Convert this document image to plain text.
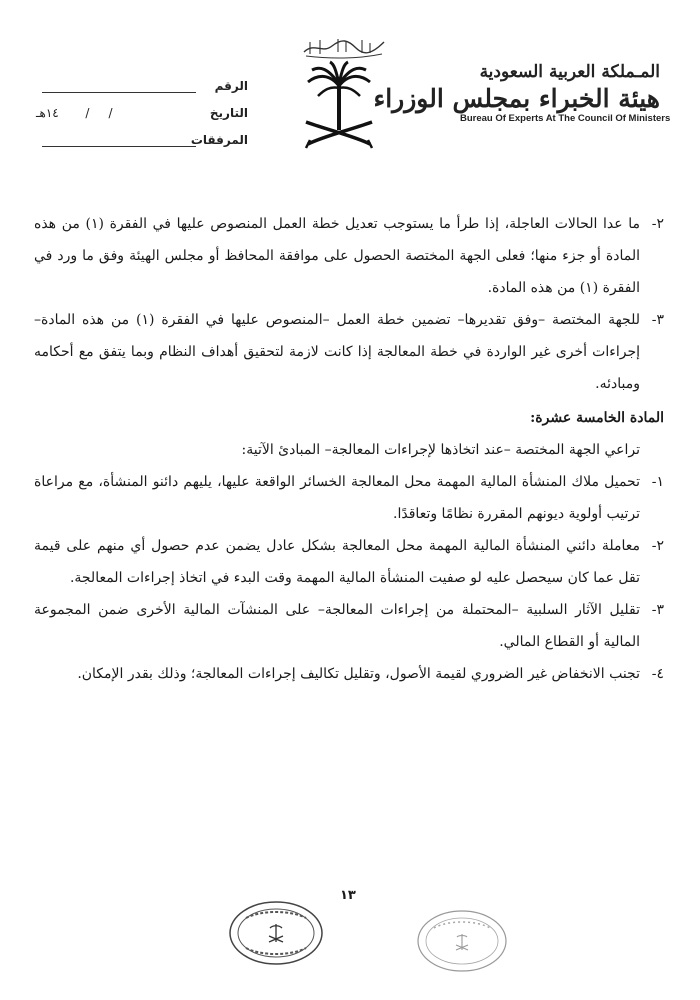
المـملكة العربية السعودية
هيئة الخبراء بمجلس الوزراء
Bureau Of Experts At The Council Of Ministers
الرقم
التاريخ
١٤هـ       /     /
المرفقات
٢-
ما عدا الحالات العاجلة، إذا طرأ ما يستوجب تعديل خطة العمل المنصوص عليها في الفقرة (١) من هذه المادة أو جزء منها؛ فعلى الجهة المختصة الحصول على موافقة المحافظ أو مجلس الهيئة وفق ما ورد في الفقرة (١) من هذه المادة.
٣-
للجهة المختصة –وفق تقديرها– تضمين خطة العمل –المنصوص عليها في الفقرة (١) من هذه المادة– إجراءات أخرى غير الواردة في خطة المعالجة إذا كانت لازمة لتحقيق أهداف النظام وبما يتفق مع أحكامه ومبادئه.
المادة الخامسة عشرة:
تراعي الجهة المختصة –عند اتخاذها لإجراءات المعالجة– المبادئ الآتية:
١-
تحميل ملاك المنشأة المالية المهمة محل المعالجة الخسائر الواقعة عليها، يليهم دائنو المنشأة، مع مراعاة ترتيب أولوية ديونهم المقررة نظامًا وتعاقدًا.
٢-
معاملة دائني المنشأة المالية المهمة محل المعالجة بشكل عادل يضمن عدم حصول أي منهم على قيمة تقل عما كان سيحصل عليه لو صفيت المنشأة المالية المهمة وقت البدء في اتخاذ إجراءات المعالجة.
٣-
تقليل الآثار السلبية –المحتملة من إجراءات المعالجة– على المنشآت المالية الأخرى ضمن المجموعة المالية أو القطاع المالي.
٤-
تجنب الانخفاض غير الضروري لقيمة الأصول، وتقليل تكاليف إجراءات المعالجة؛ وذلك بقدر الإمكان.
١٣
